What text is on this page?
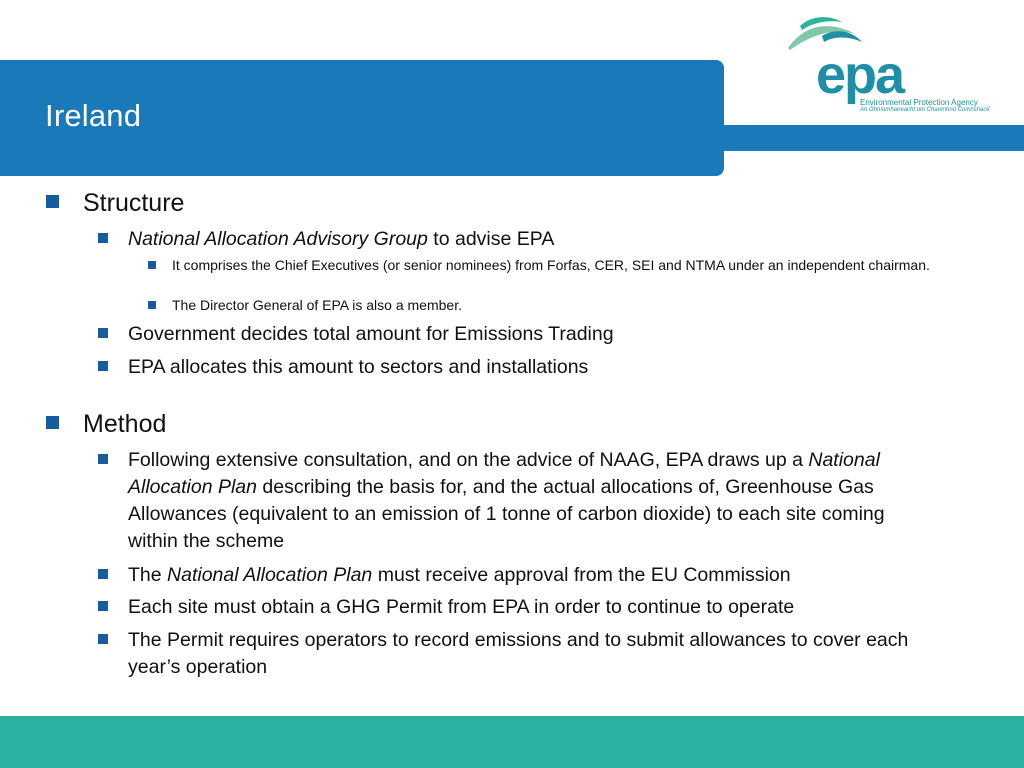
Ireland
epa
Environmental Protection Agency
An Ghníomhaireacht um Chaomhnú Comhshaoil
Structure
National Allocation Advisory Group to advise EPA
It comprises the Chief Executives (or senior nominees) from Forfas, CER, SEI and NTMA under an independent chairman.
The Director General of EPA is also a member.
Government decides total amount for Emissions Trading
EPA allocates this amount to sectors and installations
Method
Following extensive consultation, and on the advice of NAAG, EPA draws up a National Allocation Plan describing the basis for, and the actual allocations of, Greenhouse Gas Allowances (equivalent to an emission of 1 tonne of carbon dioxide) to each site coming within the scheme
The National Allocation Plan must receive approval from the EU Commission
Each site must obtain a GHG Permit from EPA in order to continue to operate
The Permit requires operators to record emissions and to submit allowances to cover each year’s operation
